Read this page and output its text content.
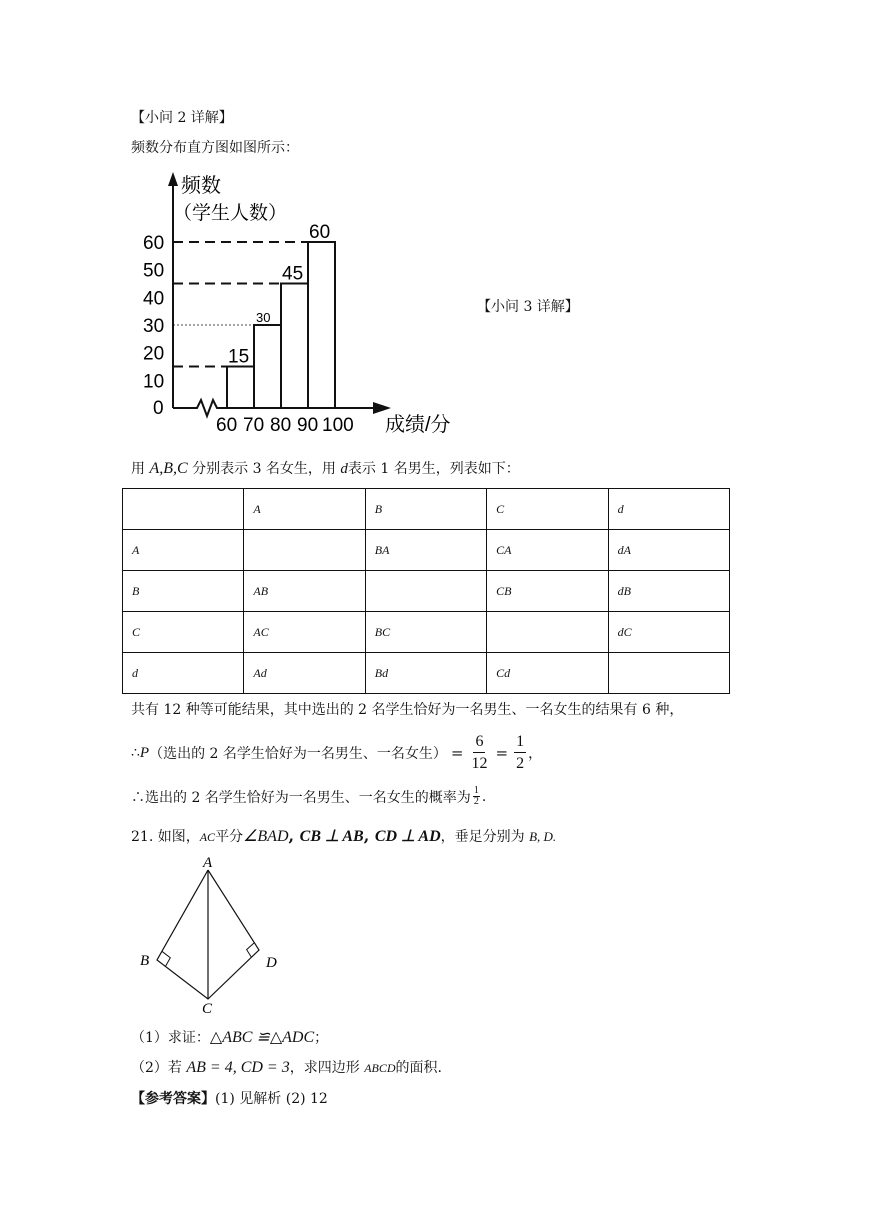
【小问 2 详解】
频数分布直方图如图所示：
0
10
20
30
40
50
60
60 70 80 90 100
15
30
45
60
频数
（学生人数）
成绩/分
【小问 3 详解】
用 A,B,C 分别表示 3 名女生，用 d表示 1 名男生，列表如下：
	A	B	C	d
A		BA	CA	dA
B	AB		CB	dB
C	AC	BC		dC
d	Ad	Bd	Cd	
共有 12 种等可能结果，其中选出的 2 名学生恰好为一名男生、一名女生的结果有 6 种，
∴ P （选出的 2 名学生恰好为一名男生、一名女生） = $\frac{6}{12} = \frac{1}{2}$ ，
∴选出的 2 名学生恰好为一名男生、一名女生的概率为 $\frac{1}{2}$ .
21. 如图，AC平分∠BAD, CB ⊥ AB, CD ⊥ AD，垂足分别为 B, D.
A
B
C
D
（1）求证：△ABC ≌△ADC；
（2）若 AB = 4, CD = 3，求四边形 ABCD的面积.
【参考答案】(1) 见解析 (2) 12
